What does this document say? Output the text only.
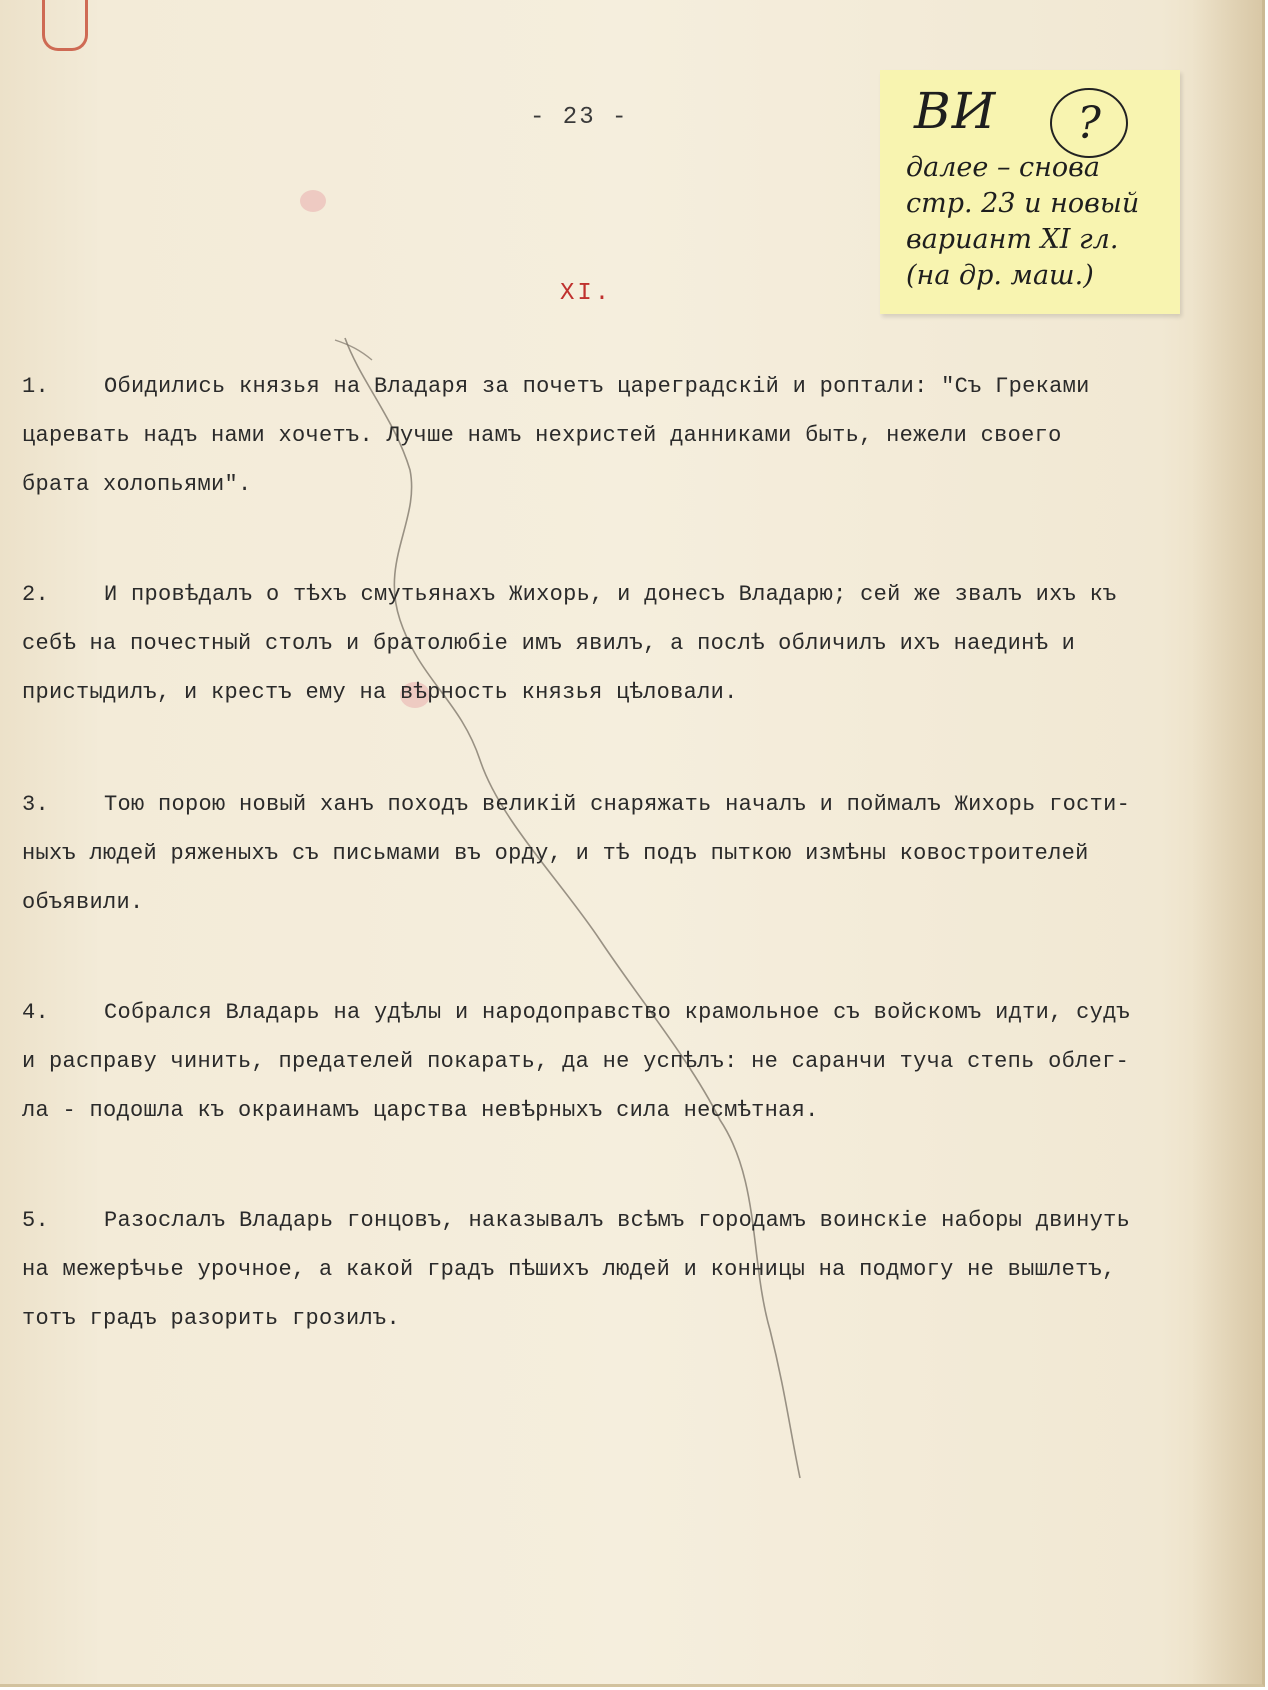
- 23 -
XI.
ВИ	?
далее – снова
стр. 23 и новый
вариант XI гл.
(на др. маш.)
1. Обидились князья на Владаря за почетъ цареградскій и роптали: "Съ Греками
царевать надъ нами хочетъ. Лучше намъ нехристей данниками быть, нежели своего
брата холопьями".
2. И провѣдалъ о тѣхъ смутьянахъ Жихорь, и донесъ Владарю; сей же звалъ ихъ къ
себѣ на почестный столъ и братолюбіе имъ явилъ, а послѣ обличилъ ихъ наединѣ и
пристыдилъ, и крестъ ему на вѣрность князья цѣловали.
3. Тою порою новый ханъ походъ великій снаряжать началъ и поймалъ Жихорь гости-
ныхъ людей ряженыхъ съ письмами въ орду, и тѣ подъ пыткою измѣны ковостроителей
объявили.
4. Собрался Владарь на удѣлы и народоправство крамольное съ войскомъ идти, судъ
и расправу чинить, предателей покарать, да не успѣлъ: не саранчи туча степь облег-
ла - подошла къ окраинамъ царства невѣрныхъ сила несмѣтная.
5. Разослалъ Владарь гонцовъ, наказывалъ всѣмъ городамъ воинскіе наборы двинуть
на межерѣчье урочное, а какой градъ пѣшихъ людей и конницы на подмогу не вышлетъ,
тотъ градъ разорить грозилъ.
